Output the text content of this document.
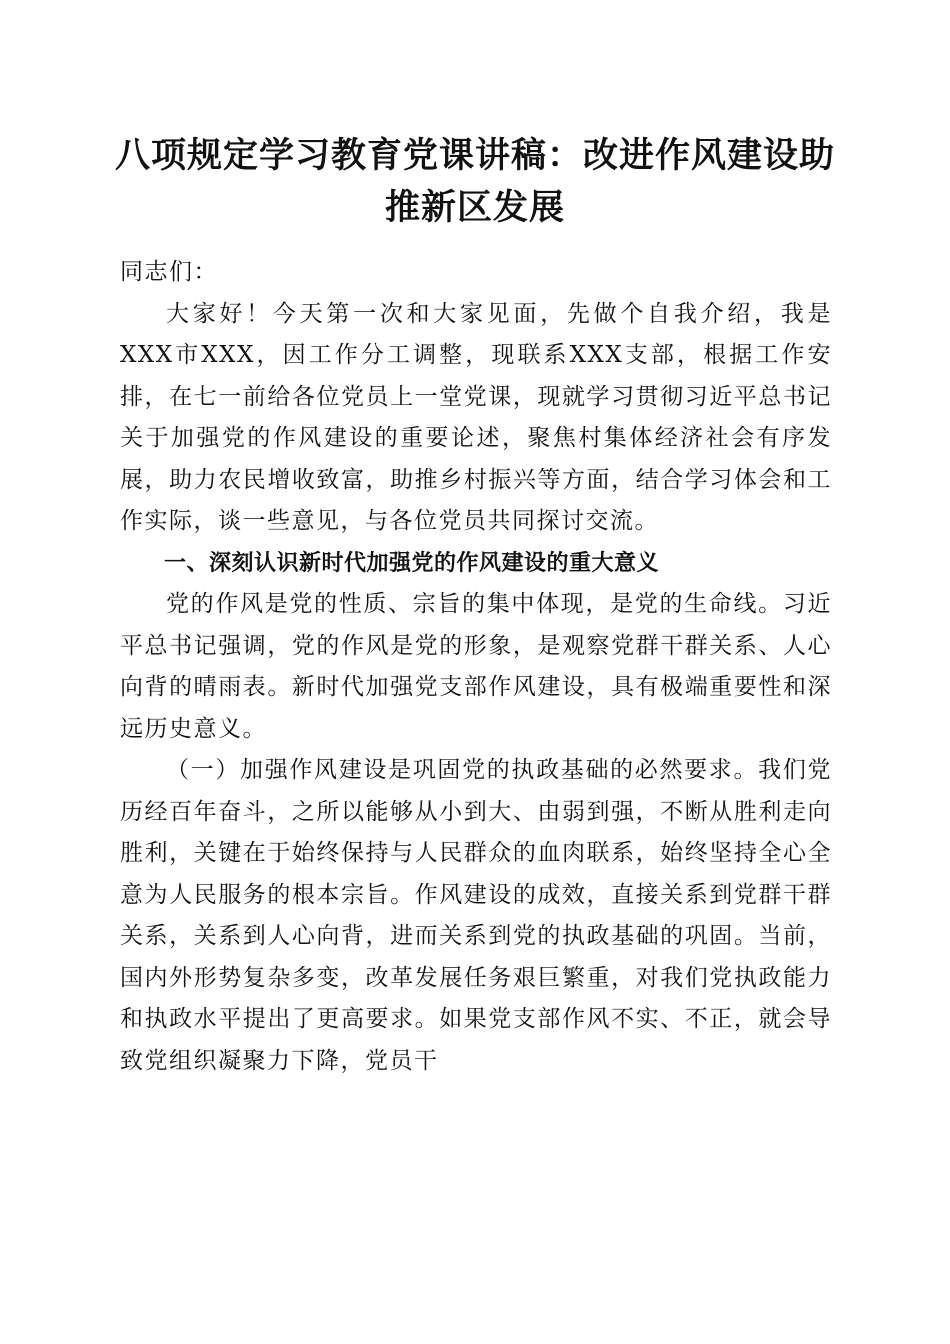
八项规定学习教育党课讲稿：改进作风建设助
推新区发展

同志们：

大家好！今天第一次和大家见面，先做个自我介绍，我是XXX市XXX，因工作分工调整，现联系XXX支部，根据工作安排，在七一前给各位党员上一堂党课，现就学习贯彻习近平总书记关于加强党的作风建设的重要论述，聚焦村集体经济社会有序发展，助力农民增收致富，助推乡村振兴等方面，结合学习体会和工作实际，谈一些意见，与各位党员共同探讨交流。

一、深刻认识新时代加强党的作风建设的重大意义

党的作风是党的性质、宗旨的集中体现，是党的生命线。习近平总书记强调，党的作风是党的形象，是观察党群干群关系、人心向背的晴雨表。新时代加强党支部作风建设，具有极端重要性和深远历史意义。

（一）加强作风建设是巩固党的执政基础的必然要求。我们党历经百年奋斗，之所以能够从小到大、由弱到强，不断从胜利走向胜利，关键在于始终保持与人民群众的血肉联系，始终坚持全心全意为人民服务的根本宗旨。作风建设的成效，直接关系到党群干群关系，关系到人心向背，进而关系到党的执政基础的巩固。当前，国内外形势复杂多变，改革发展任务艰巨繁重，对我们党执政能力和执政水平提出了更高要求。如果党支部作风不实、不正，就会导致党组织凝聚力下降，党员干
